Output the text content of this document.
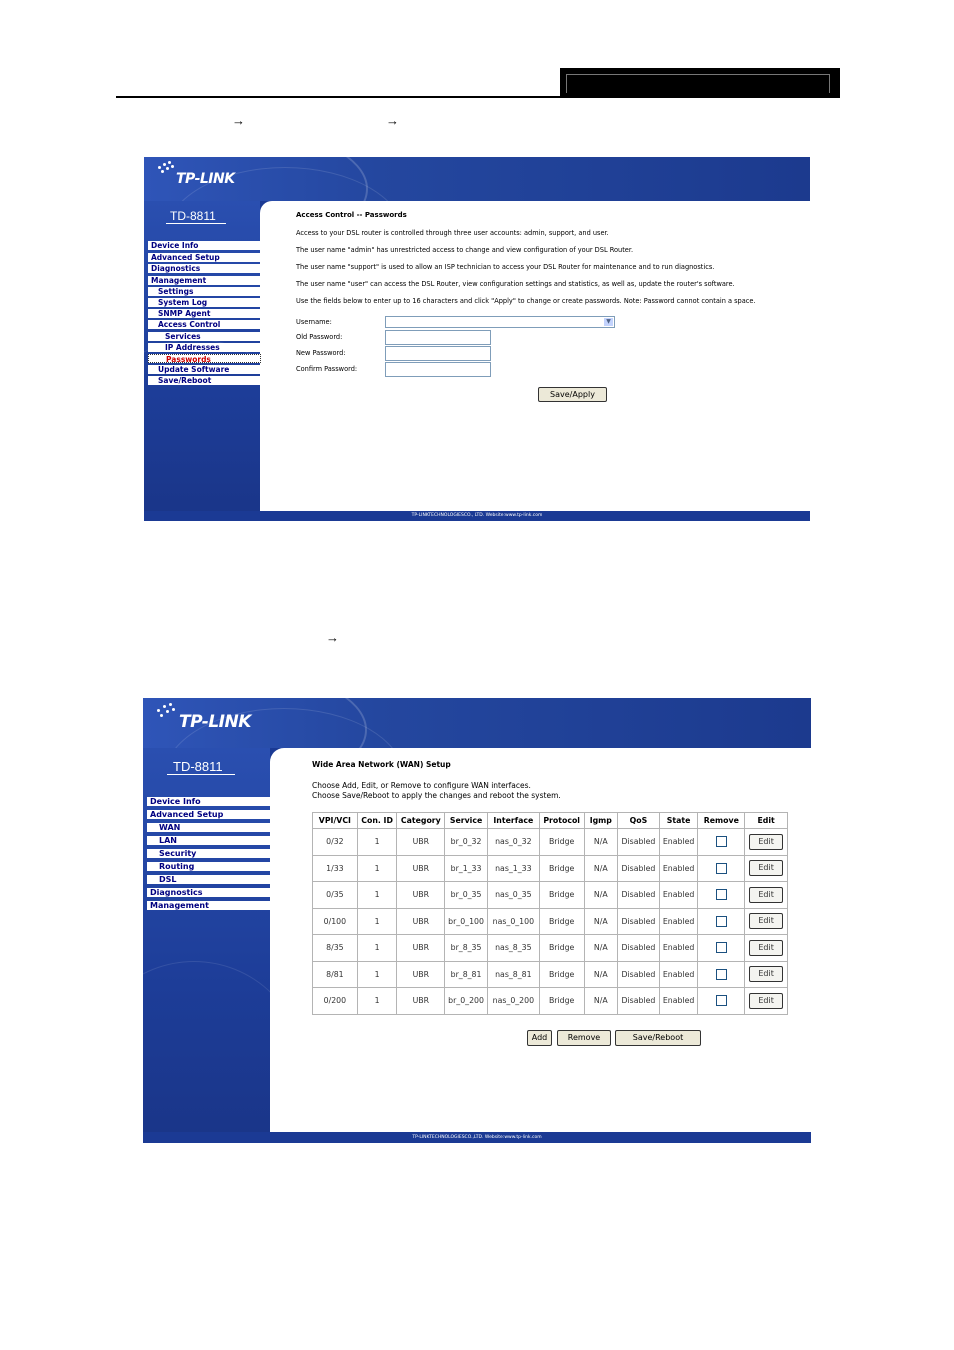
→	→
→
TP-LINK
TD-8811
Device Info
Advanced Setup
Diagnostics
Management
Settings
System Log
SNMP Agent
Access Control
Services
IP Addresses
Passwords
Update Software
Save/Reboot
Access Control -- Passwords
Access to your DSL router is controlled through three user accounts: admin, support, and user.
The user name "admin" has unrestricted access to change and view configuration of your DSL Router.
The user name "support" is used to allow an ISP technician to access your DSL Router for maintenance and to run diagnostics.
The user name "user" can access the DSL Router, view configuration settings and statistics, as well as, update the router's software.
Use the fields below to enter up to 16 characters and click "Apply" to change or create passwords. Note: Password cannot contain a space.
Username:	▼
Old Password:
New Password:
Confirm Password:
Save/Apply
TP-LINKTECHNOLOGIESCO., LTD. Website:www.tp-link.com
TP-LINK
TD-8811
Device Info
Advanced Setup
WAN
LAN
Security
Routing
DSL
Diagnostics
Management
Wide Area Network (WAN) Setup
Choose Add, Edit, or Remove to configure WAN interfaces.
Choose Save/Reboot to apply the changes and reboot the system.
VPI/VCI	Con. ID	Category	Service	Interface	Protocol	Igmp	QoS	State	Remove	Edit
0/32	1	UBR	br_0_32	nas_0_32	Bridge	N/A	Disabled	Enabled		Edit
1/33	1	UBR	br_1_33	nas_1_33	Bridge	N/A	Disabled	Enabled		Edit
0/35	1	UBR	br_0_35	nas_0_35	Bridge	N/A	Disabled	Enabled		Edit
0/100	1	UBR	br_0_100	nas_0_100	Bridge	N/A	Disabled	Enabled		Edit
8/35	1	UBR	br_8_35	nas_8_35	Bridge	N/A	Disabled	Enabled		Edit
8/81	1	UBR	br_8_81	nas_8_81	Bridge	N/A	Disabled	Enabled		Edit
0/200	1	UBR	br_0_200	nas_0_200	Bridge	N/A	Disabled	Enabled		Edit
Add	Remove	Save/Reboot
TP-LINKTECHNOLOGIESCO.,LTD. Website:www.tp-link.com
